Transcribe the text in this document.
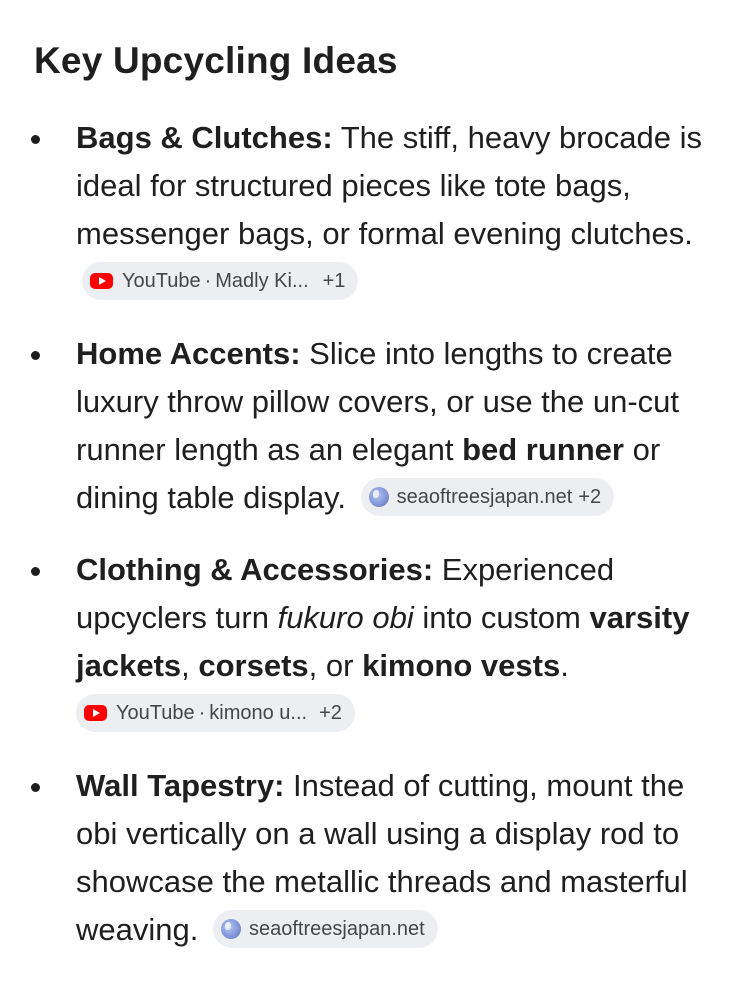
Key Upcycling Ideas
Bags & Clutches: The stiff, heavy brocade is ideal for structured pieces like tote bags, messenger bags, or formal evening clutches.
YouTube · Madly Ki... +1
Home Accents: Slice into lengths to create luxury throw pillow covers, or use the un-cut runner length as an elegant bed runner or dining table display.	seaoftreesjapan.net +2
Clothing & Accessories: Experienced upcyclers turn fukuro obi into custom varsity jackets, corsets, or kimono vests.

YouTube · kimono u... +2
Wall Tapestry: Instead of cutting, mount the obi vertically on a wall using a display rod to showcase the metallic threads and masterful weaving.	seaoftreesjapan.net
